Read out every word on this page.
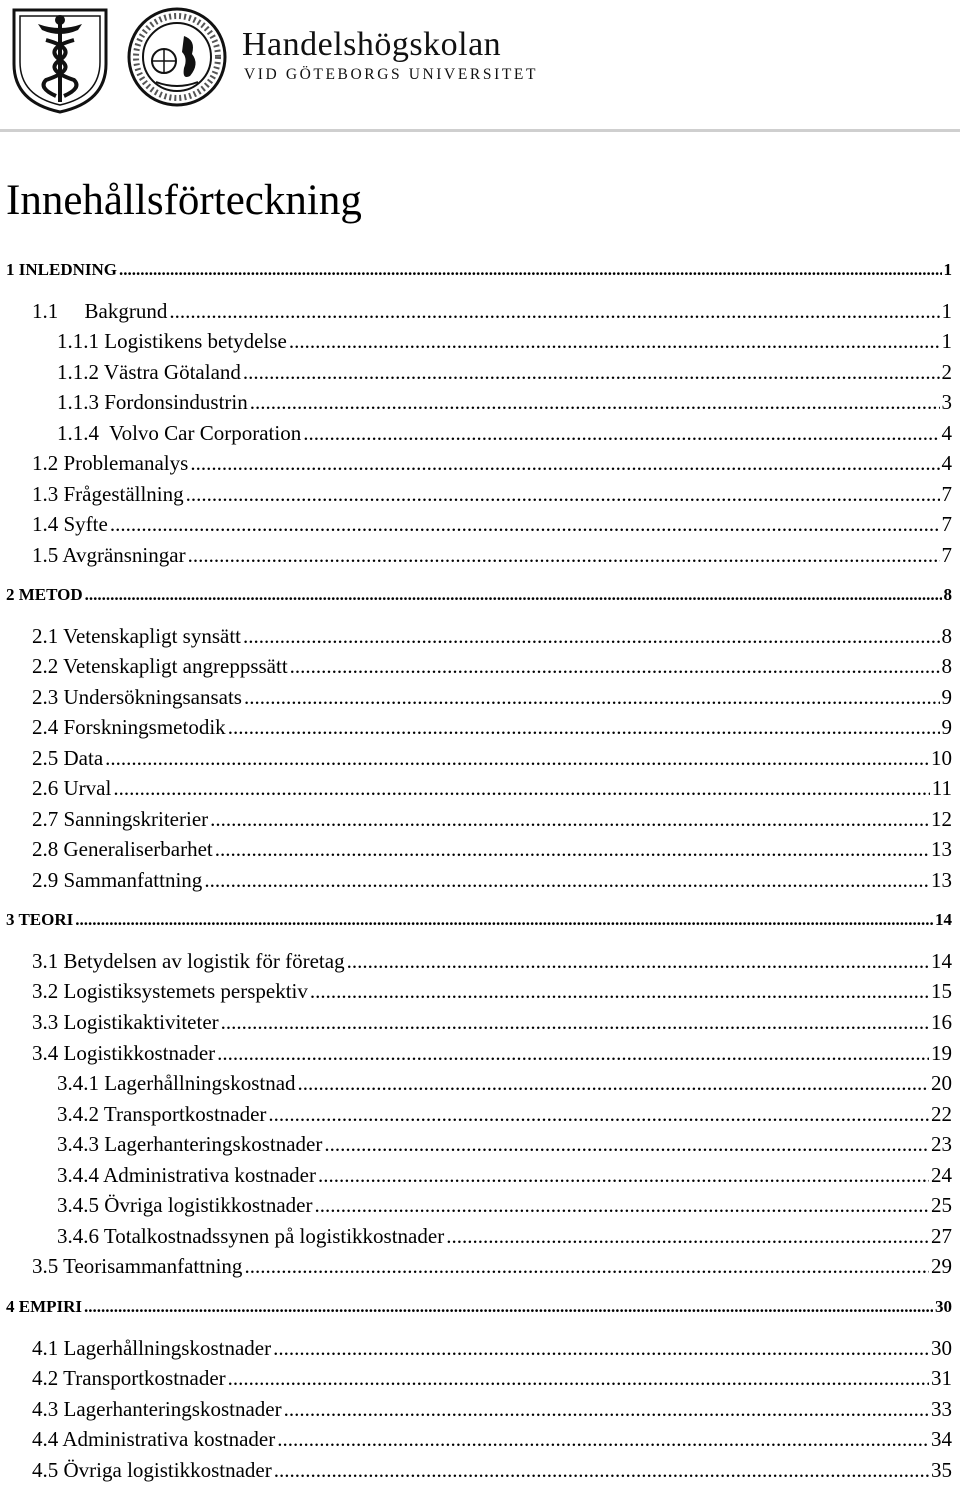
Handelshögskolan
VID GÖTEBORGS UNIVERSITET
Innehållsförteckning
1 INLEDNING .....	1
1.1     Bakgrund .....	1
1.1.1 Logistikens betydelse .....	1
1.1.2 Västra Götaland .....	2
1.1.3 Fordonsindustrin .....	3
1.1.4  Volvo Car Corporation .....	4
1.2 Problemanalys .....	4
1.3 Frågeställning .....	7
1.4 Syfte .....	7
1.5 Avgränsningar .....	7
2 METOD .....	8
2.1 Vetenskapligt synsätt .....	8
2.2 Vetenskapligt angreppssätt .....	8
2.3 Undersökningsansats .....	9
2.4 Forskningsmetodik .....	9
2.5 Data .....	10
2.6 Urval .....	11
2.7 Sanningskriterier .....	12
2.8 Generaliserbarhet .....	13
2.9 Sammanfattning .....	13
3 TEORI .....	14
3.1 Betydelsen av logistik för företag .....	14
3.2 Logistiksystemets perspektiv .....	15
3.3 Logistikaktiviteter .....	16
3.4 Logistikkostnader .....	19
3.4.1 Lagerhållningskostnad .....	20
3.4.2 Transportkostnader .....	22
3.4.3 Lagerhanteringskostnader .....	23
3.4.4 Administrativa kostnader .....	24
3.4.5 Övriga logistikkostnader .....	25
3.4.6 Totalkostnadssynen på logistikkostnader .....	27
3.5 Teorisammanfattning .....	29
4 EMPIRI .....	30
4.1 Lagerhållningskostnader .....	30
4.2 Transportkostnader .....	31
4.3 Lagerhanteringskostnader .....	33
4.4 Administrativa kostnader .....	34
4.5 Övriga logistikkostnader .....	35
